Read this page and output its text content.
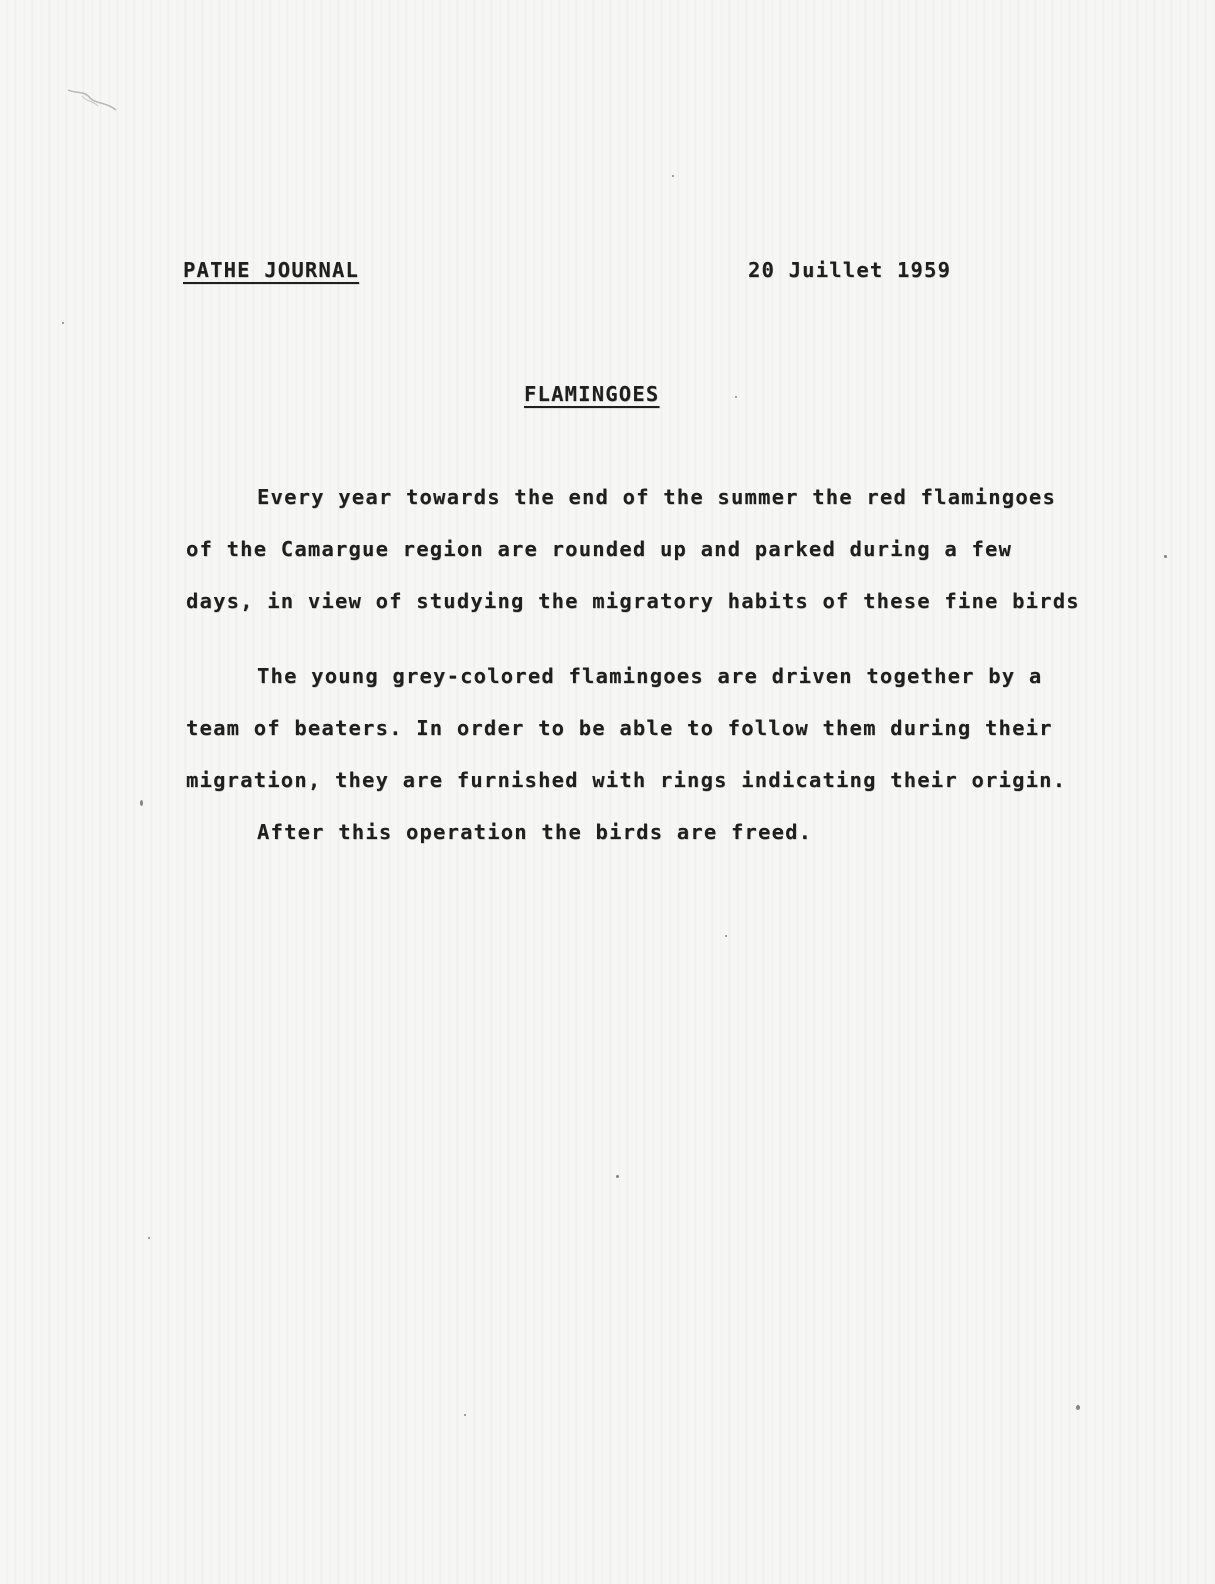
PATHE JOURNAL	20 Juillet 1959
FLAMINGOES
Every year towards the end of the summer the red flamingoes
of the Camargue region are rounded up and parked during a few
days, in view of studying the migratory habits of these fine birds
The young grey-colored flamingoes are driven together by a
team of beaters. In order to be able to follow them during their
migration, they are furnished with rings indicating their origin.
After this operation the birds are freed.
